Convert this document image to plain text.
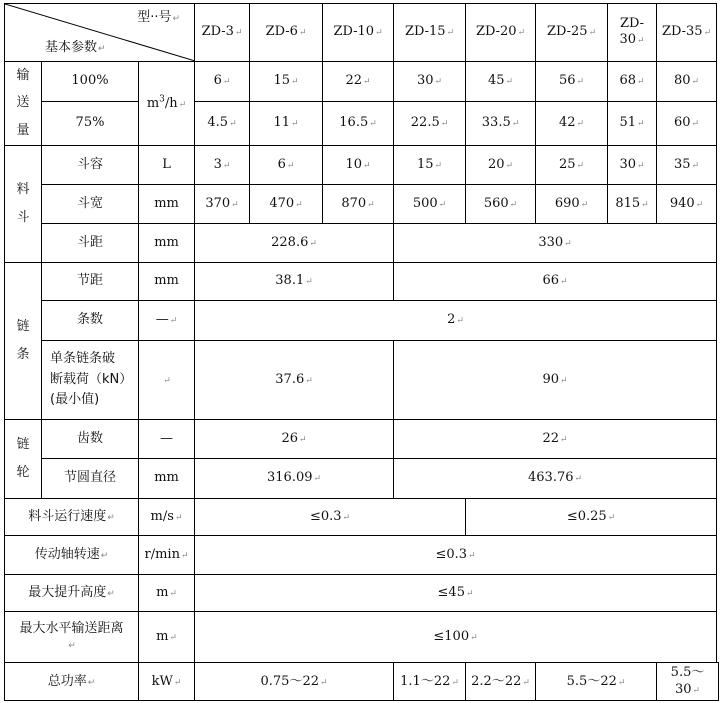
型··号↵
基本参数↵			ZD-3↵	ZD-6↵	ZD-10↵	ZD-15↵	ZD-20↵	ZD-25↵	ZD-30↵	ZD-35↵

输
送
量	100%	$m^3/h↵$	6↵	15↵	22↵	30↵	45↵	56↵	68↵	80↵
	75%		4.5↵	11↵	16.5↵	22.5↵	33.5↵	42↵	51↵	60↵

料
斗	斗容	L	3↵	6↵	10↵	15↵	20↵	25↵	30↵	35↵
	斗宽	mm	370↵	470↵	870↵	500↵	560↵	690↵	815↵	940↵
	斗距	mm	228.6↵			330↵				

链
条	节距	mm	38.1↵			66↵				
	条数	—↵	2↵							
	单条链条破
断载荷（kN）
(最小值)	↵	37.6↵			90↵				

链
轮	齿数	—	26↵			22↵				
	节圆直径	mm	316.09↵			463.76↵				
料斗运行速度↵		m/s↵	≤0.3↵				≤0.25↵			
传动轴转速↵		r/min↵	≤0.3↵							
最大提升高度↵		m↵	≤45↵							
最大水平输送距离↵		m↵	≤100↵							
总功率↵		kW↵	0.75～22↵			1.1～22↵	2.2～22↵	5.5～22↵		5.5～30↵
